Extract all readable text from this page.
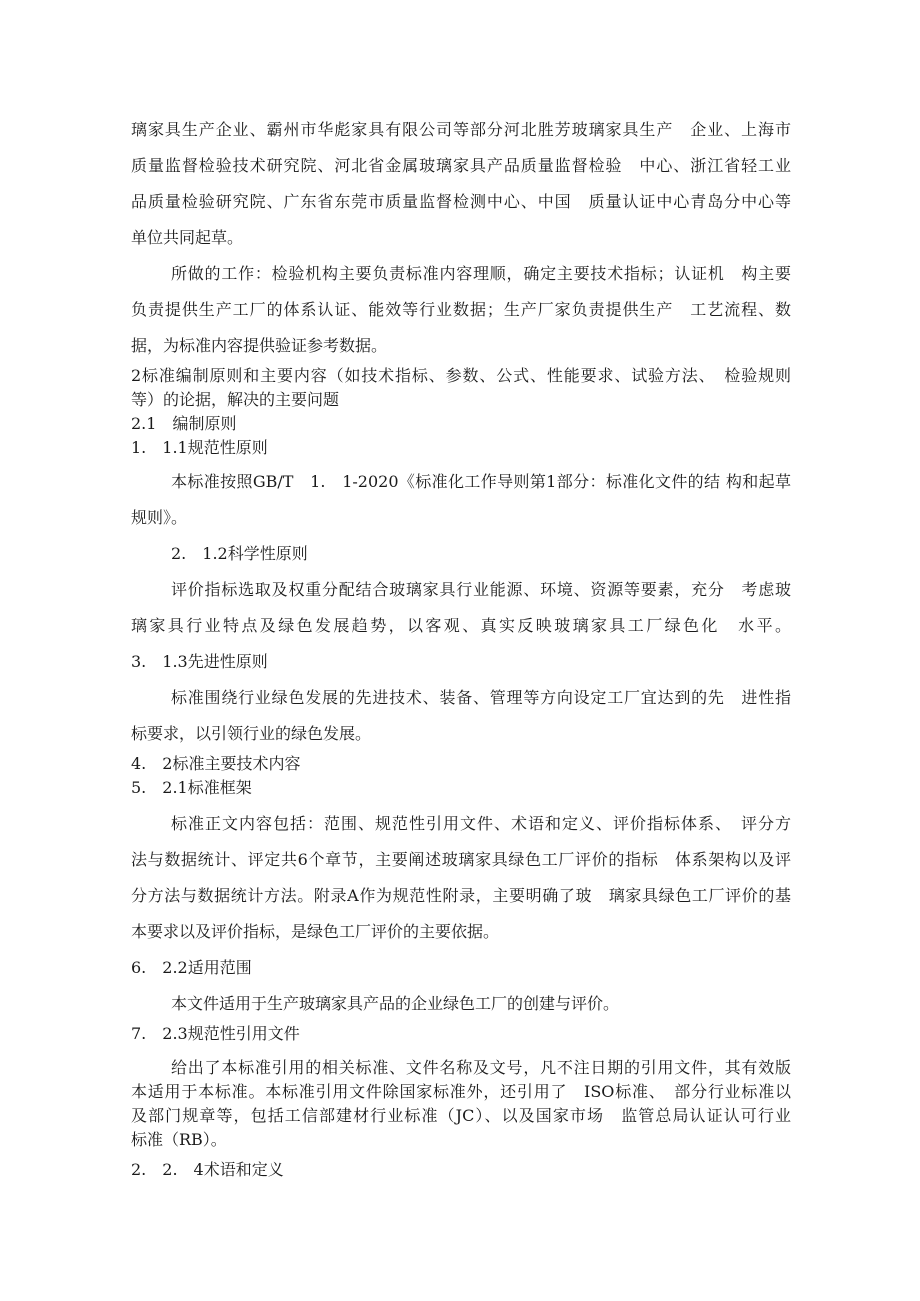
璃家具生产企业、霸州市华彪家具有限公司等部分河北胜芳玻璃家具生产　企业、上海市

质量监督检验技术研究院、河北省金属玻璃家具产品质量监督检验　中心、浙江省轻工业

品质量检验研究院、广东省东莞市质量监督检测中心、中国　质量认证中心青岛分中心等

单位共同起草。

所做的工作：检验机构主要负责标准内容理顺，确定主要技术指标；认证机　构主要

负责提供生产工厂的体系认证、能效等行业数据；生产厂家负责提供生产　工艺流程、数

据，为标准内容提供验证参考数据。

2标准编制原则和主要内容（如技术指标、参数、公式、性能要求、试验方法、　检验规则

等）的论据，解决的主要问题

2.1　编制原则

1.　1.1规范性原则

本标准按照GB/T　1.　1-2020《标准化工作导则第1部分：标准化文件的结 构和起草

规则》。

2.　1.2科学性原则

评价指标选取及权重分配结合玻璃家具行业能源、环境、资源等要素，充分　考虑玻

璃家具行业特点及绿色发展趋势，以客观、真实反映玻璃家具工厂绿色化　水平。

3.　1.3先进性原则

标准围绕行业绿色发展的先进技术、装备、管理等方向设定工厂宜达到的先　进性指

标要求，以引领行业的绿色发展。

4.　2标准主要技术内容

5.　2.1标准框架

标准正文内容包括：范围、规范性引用文件、术语和定义、评价指标体系、　评分方

法与数据统计、评定共6个章节，主要阐述玻璃家具绿色工厂评价的指标　体系架构以及评

分方法与数据统计方法。附录A作为规范性附录，主要明确了玻　璃家具绿色工厂评价的基

本要求以及评价指标，是绿色工厂评价的主要依据。

6.　2.2适用范围

本文件适用于生产玻璃家具产品的企业绿色工厂的创建与评价。

7.　2.3规范性引用文件

给出了本标准引用的相关标准、文件名称及文号，凡不注日期的引用文件，其有效版

本适用于本标准。本标准引用文件除国家标准外，还引用了　ISO标准、　部分行业标准以

及部门规章等，包括工信部建材行业标准（JC）、以及国家市场　监管总局认证认可行业

标准（RB）。

2.　2.　4术语和定义
